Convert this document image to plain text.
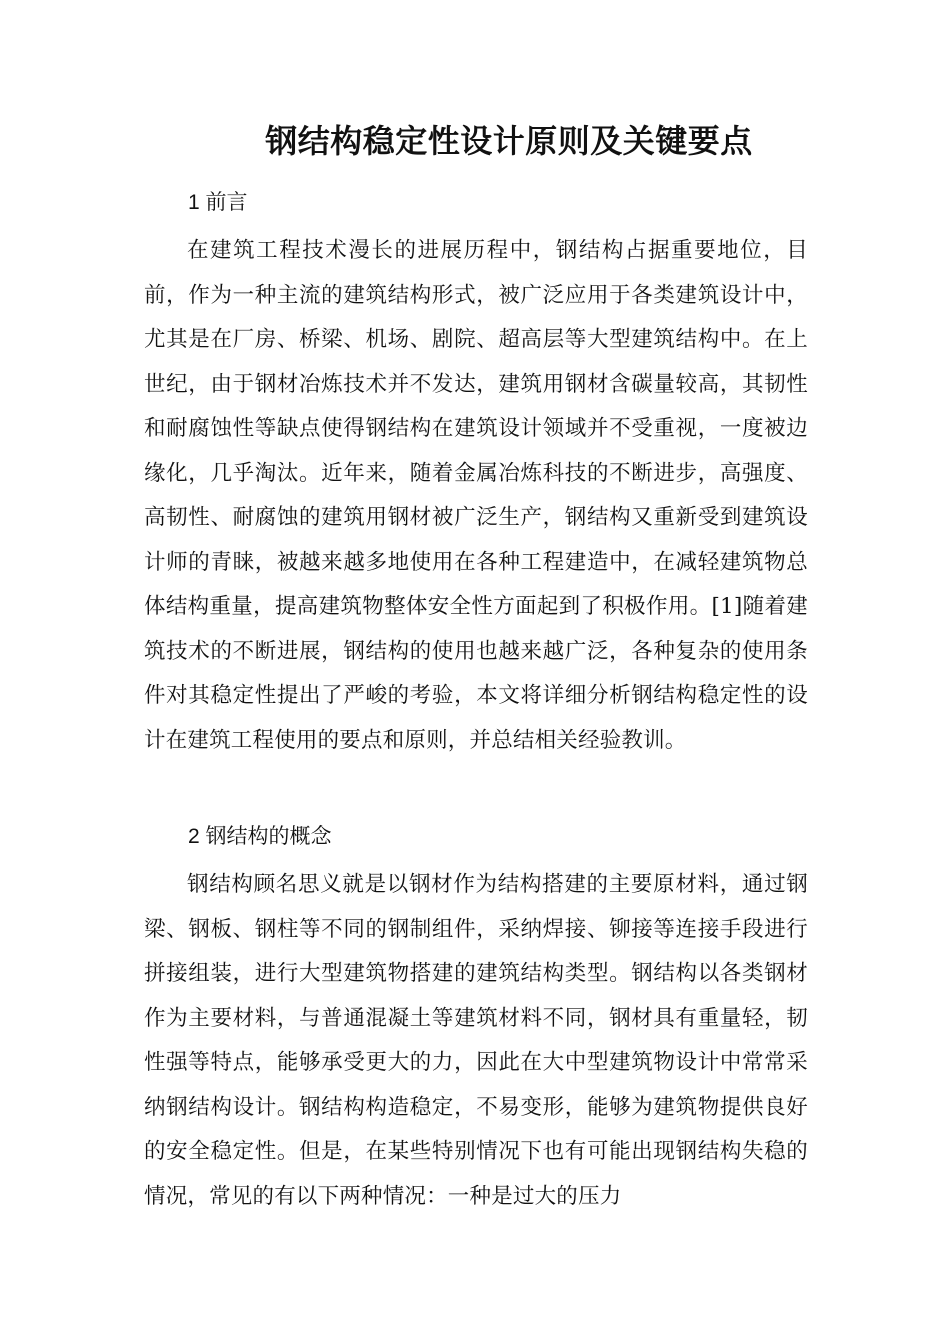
钢结构稳定性设计原则及关键要点
1 前言

在建筑工程技术漫长的进展历程中，钢结构占据重要地位，目前，作为一种主流的建筑结构形式，被广泛应用于各类建筑设计中，尤其是在厂房、桥梁、机场、剧院、超高层等大型建筑结构中。在上世纪，由于钢材冶炼技术并不发达，建筑用钢材含碳量较高，其韧性和耐腐蚀性等缺点使得钢结构在建筑设计领域并不受重视，一度被边缘化，几乎淘汰。近年来，随着金属冶炼科技的不断进步，高强度、高韧性、耐腐蚀的建筑用钢材被广泛生产，钢结构又重新受到建筑设计师的青睐，被越来越多地使用在各种工程建造中，在减轻建筑物总体结构重量，提高建筑物整体安全性方面起到了积极作用。[1]随着建筑技术的不断进展，钢结构的使用也越来越广泛，各种复杂的使用条件对其稳定性提出了严峻的考验，本文将详细分析钢结构稳定性的设计在建筑工程使用的要点和原则，并总结相关经验教训。

2 钢结构的概念

钢结构顾名思义就是以钢材作为结构搭建的主要原材料，通过钢梁、钢板、钢柱等不同的钢制组件，采纳焊接、铆接等连接手段进行拼接组装，进行大型建筑物搭建的建筑结构类型。钢结构以各类钢材作为主要材料，与普通混凝土等建筑材料不同，钢材具有重量轻，韧性强等特点，能够承受更大的力，因此在大中型建筑物设计中常常采纳钢结构设计。钢结构构造稳定，不易变形，能够为建筑物提供良好的安全稳定性。但是，在某些特别情况下也有可能出现钢结构失稳的情况，常见的有以下两种情况：一种是过大的压力
